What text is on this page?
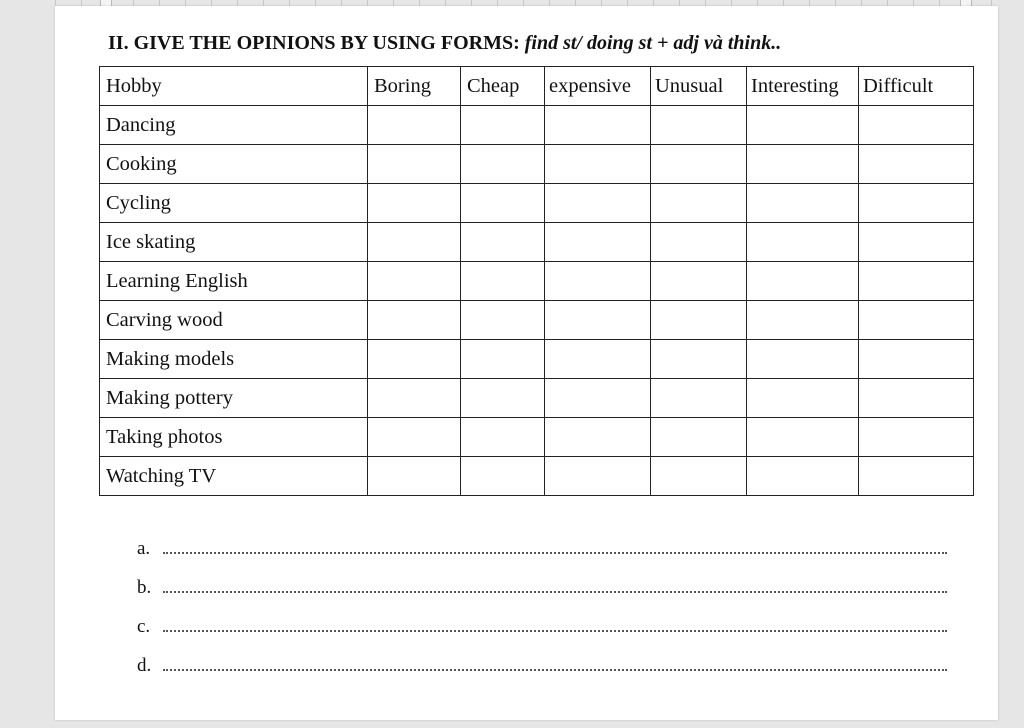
II. GIVE THE OPINIONS BY USING FORMS: find st/ doing st + adj và think..
Hobby	Boring	Cheap	expensive	Unusual	Interesting	Difficult
Dancing						
Cooking						
Cycling						
Ice skating						
Learning English						
Carving wood						
Making models						
Making pottery						
Taking photos						
Watching TV						
a.
b.
c.
d.
